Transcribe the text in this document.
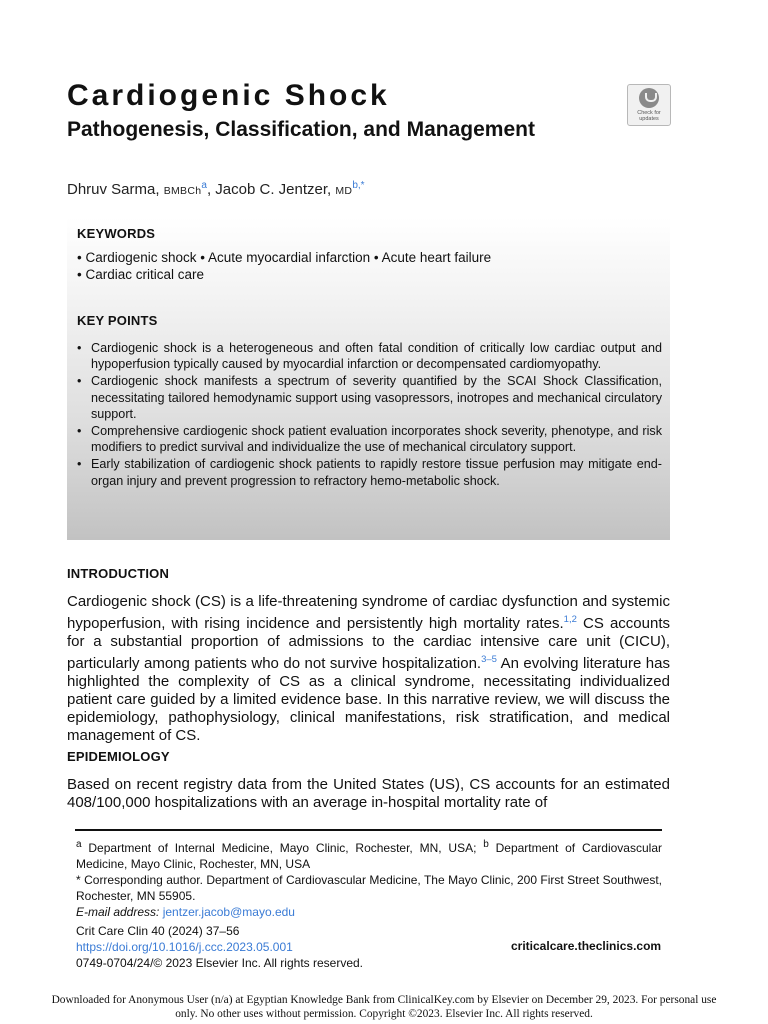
Cardiogenic Shock
Pathogenesis, Classification, and Management
Check for
updates
Dhruv Sarma, BMBCh$^a$, Jacob C. Jentzer, $MD^{b,*}$
KEYWORDS

• Cardiogenic shock • Acute myocardial infarction • Acute heart failure

• Cardiac critical care

KEY POINTS
• Cardiogenic shock is a heterogeneous and often fatal condition of critically low cardiac output and hypoperfusion typically caused by myocardial infarction or decompensated cardiomyopathy.
• Cardiogenic shock manifests a spectrum of severity quantified by the SCAI Shock Classification, necessitating tailored hemodynamic support using vasopressors, inotropes and mechanical circulatory support.
• Comprehensive cardiogenic shock patient evaluation incorporates shock severity, phenotype, and risk modifiers to predict survival and individualize the use of mechanical circulatory support.
• Early stabilization of cardiogenic shock patients to rapidly restore tissue perfusion may mitigate end-organ injury and prevent progression to refractory hemo-metabolic shock.
INTRODUCTION

Cardiogenic shock (CS) is a life-threatening syndrome of cardiac dysfunction and systemic hypoperfusion, with rising incidence and persistently high mortality rates.$^{1,2}$ CS accounts for a substantial proportion of admissions to the cardiac intensive care unit (CICU), particularly among patients who do not survive hospitalization.$^{3-5}$ An evolving literature has highlighted the complexity of CS as a clinical syndrome, necessitating individualized patient care guided by a limited evidence base. In this narrative review, we will discuss the epidemiology, pathophysiology, clinical manifestations, risk stratification, and medical management of CS.

EPIDEMIOLOGY

Based on recent registry data from the United States (US), CS accounts for an estimated 408/100,000 hospitalizations with an average in-hospital mortality rate of

$^a$ Department of Internal Medicine, Mayo Clinic, Rochester, MN, USA; $^b$ Department of Cardiovascular Medicine, Mayo Clinic, Rochester, MN, USA

* Corresponding author. Department of Cardiovascular Medicine, The Mayo Clinic, 200 First Street Southwest, Rochester, MN 55905.

E-mail address: jentzer.jacob@mayo.edu

Crit Care Clin 40 (2024) 37–56

https://doi.org/10.1016/j.ccc.2023.05.001

0749-0704/24/© 2023 Elsevier Inc. All rights reserved.

criticalcare.theclinics.com
Downloaded for Anonymous User (n/a) at Egyptian Knowledge Bank from ClinicalKey.com by Elsevier on December 29, 2023. For personal use only. No other uses without permission. Copyright ©2023. Elsevier Inc. All rights reserved.
